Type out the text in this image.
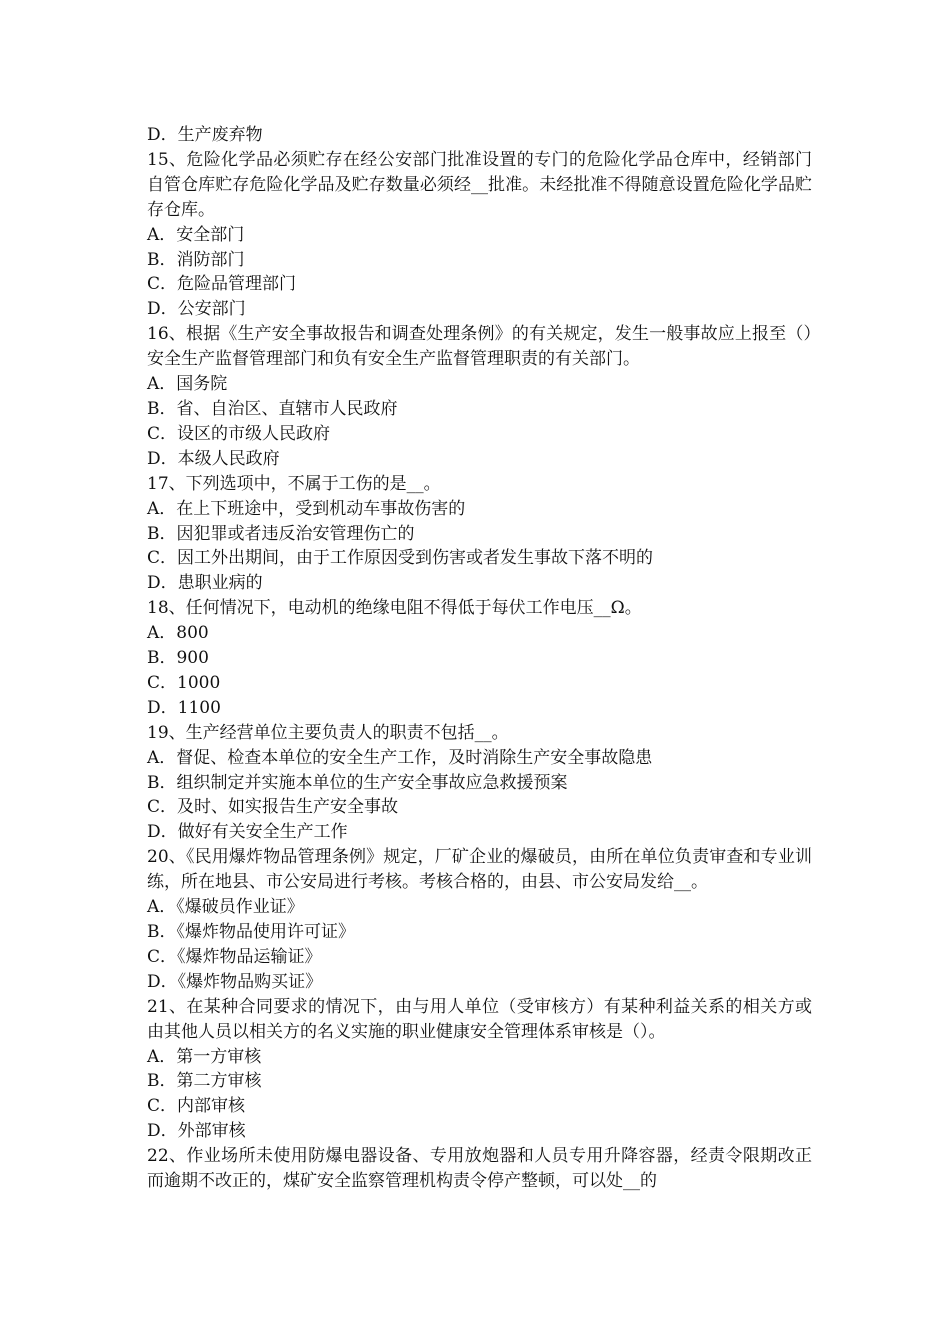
D．生产废弃物
15、危险化学品必须贮存在经公安部门批准设置的专门的危险化学品仓库中，经销部门自管仓库贮存危险化学品及贮存数量必须经__批准。未经批准不得随意设置危险化学品贮存仓库。
A．安全部门
B．消防部门
C．危险品管理部门
D．公安部门
16、根据《生产安全事故报告和调查处理条例》的有关规定，发生一般事故应上报至（）安全生产监督管理部门和负有安全生产监督管理职责的有关部门。
A．国务院
B．省、自治区、直辖市人民政府
C．设区的市级人民政府
D．本级人民政府
17、下列选项中，不属于工伤的是__。
A．在上下班途中，受到机动车事故伤害的
B．因犯罪或者违反治安管理伤亡的
C．因工外出期间，由于工作原因受到伤害或者发生事故下落不明的
D．患职业病的
18、任何情况下，电动机的绝缘电阻不得低于每伏工作电压__Ω。
A．800
B．900
C．1000
D．1100
19、生产经营单位主要负责人的职责不包括__。
A．督促、检查本单位的安全生产工作，及时消除生产安全事故隐患
B．组织制定并实施本单位的生产安全事故应急救援预案
C．及时、如实报告生产安全事故
D．做好有关安全生产工作
20、《民用爆炸物品管理条例》规定，厂矿企业的爆破员，由所在单位负责审查和专业训练，所在地县、市公安局进行考核。考核合格的，由县、市公安局发给__。
A．《爆破员作业证》
B．《爆炸物品使用许可证》
C．《爆炸物品运输证》
D．《爆炸物品购买证》
21、在某种合同要求的情况下，由与用人单位（受审核方）有某种利益关系的相关方或由其他人员以相关方的名义实施的职业健康安全管理体系审核是（）。
A．第一方审核
B．第二方审核
C．内部审核
D．外部审核
22、作业场所未使用防爆电器设备、专用放炮器和人员专用升降容器，经责令限期改正而逾期不改正的，煤矿安全监察管理机构责令停产整顿，可以处__的
